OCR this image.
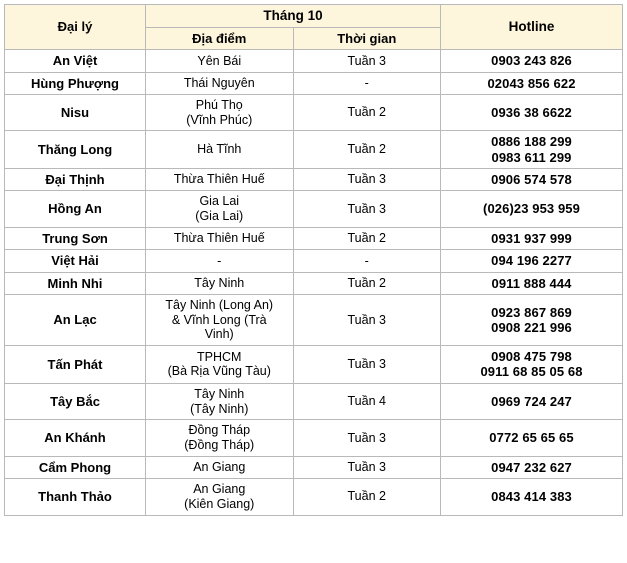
Đại lý	Tháng 10		Hotline
	Địa điểm	Thời gian	
An Việt	Yên Bái	Tuần 3	0903 243 826

Hùng Phượng	Thái Nguyên	-	02043 856 622

Nisu	Phú Thọ
(Vĩnh Phúc)	Tuần 2	0936 38 6622

Thăng Long	Hà Tĩnh	Tuần 2	0886 188 299
0983 611 299

Đại Thịnh	Thừa Thiên Huế	Tuần 3	0906 574 578

Hồng An	Gia Lai
(Gia Lai)	Tuần 3	(026)23 953 959

Trung Sơn	Thừa Thiên Huế	Tuần 2	0931 937 999

Việt Hải	-	-	094 196 2277

Minh Nhi	Tây Ninh	Tuần 2	0911 888 444

An Lạc	Tây Ninh (Long An)
& Vĩnh Long (Trà
Vinh)	Tuần 3	0923 867 869
0908 221 996

Tấn Phát	TPHCM
(Bà Rịa Vũng Tàu)	Tuần 3	0908 475 798
0911 68 85 05 68

Tây Bắc	Tây Ninh
(Tây Ninh)	Tuần 4	0969 724 247

An Khánh	Đồng Tháp
(Đồng Tháp)	Tuần 3	0772 65 65 65

Cẩm Phong	An Giang	Tuần 3	0947 232 627

Thanh Thảo	An Giang
(Kiên Giang)	Tuần 2	0843 414 383
